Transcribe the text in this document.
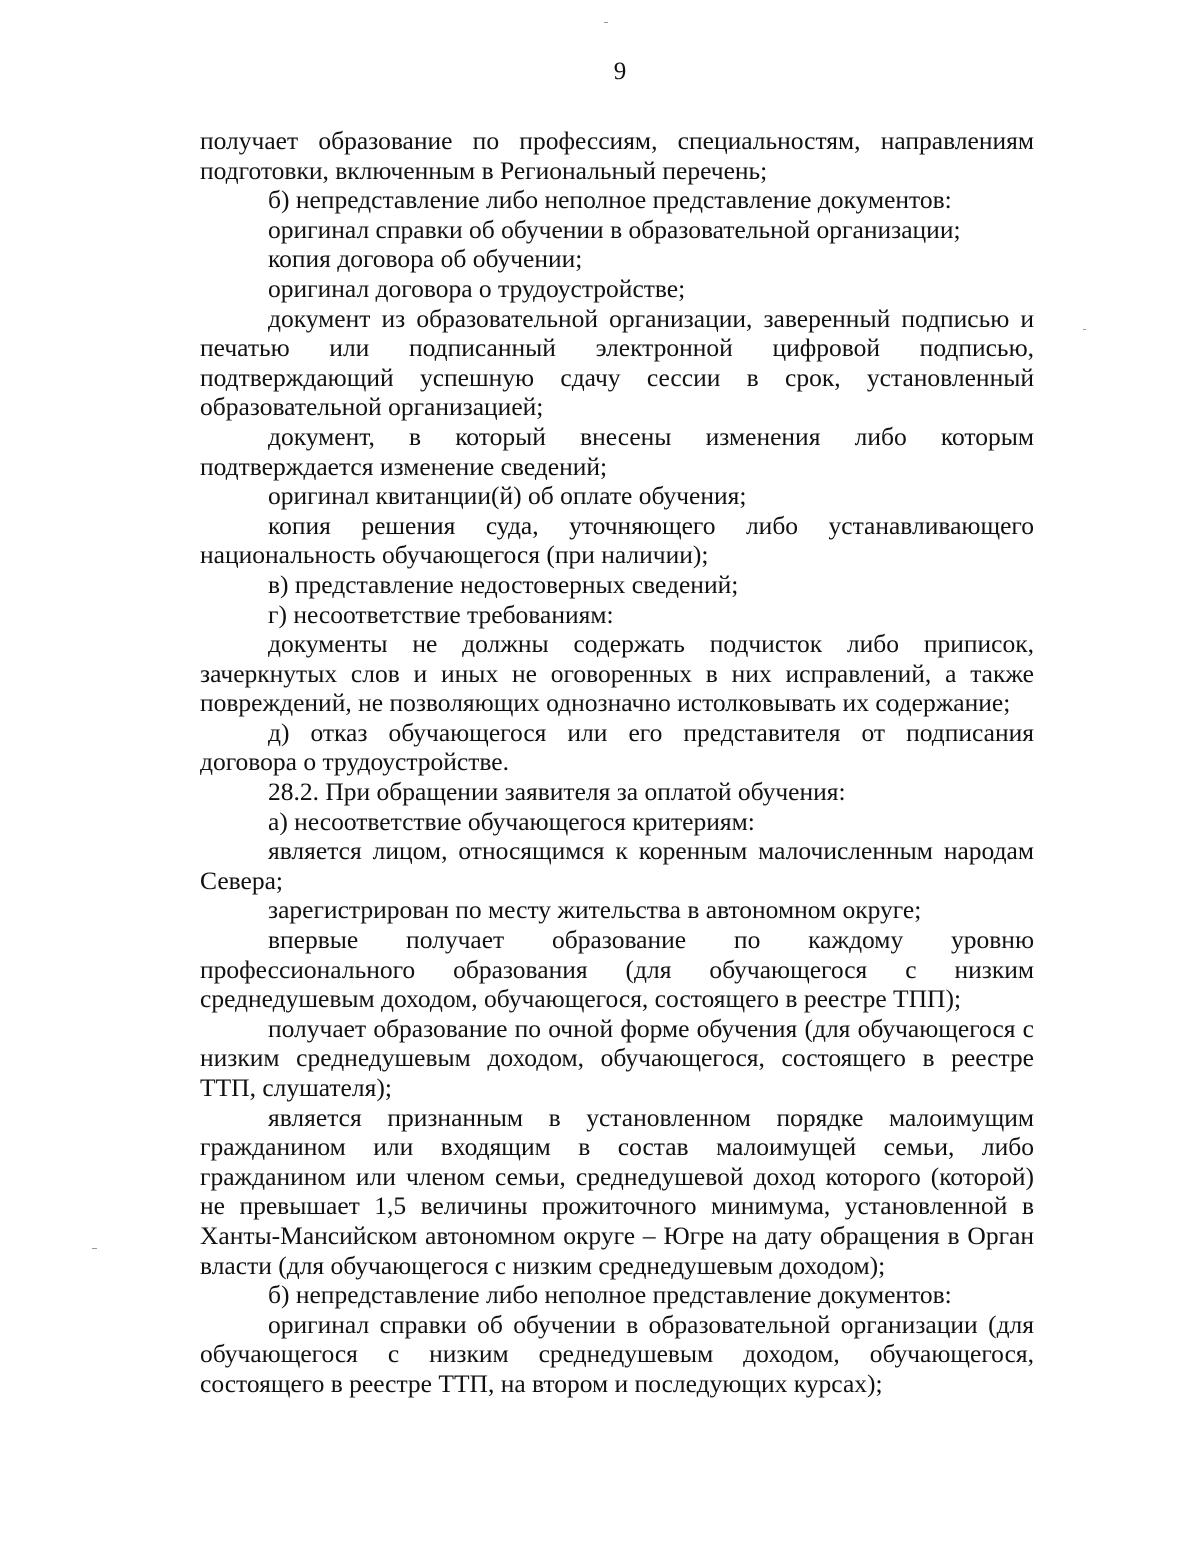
9

получает образование по профессиям, специальностям, направлениям подготовки, включенным в Региональный перечень;

б) непредставление либо неполное представление документов:

оригинал справки об обучении в образовательной организации;

копия договора об обучении;

оригинал договора о трудоустройстве;

документ из образовательной организации, заверенный подписью и печатью или подписанный электронной цифровой подписью, подтверждающий успешную сдачу сессии в срок, установленный образовательной организацией;

документ, в который внесены изменения либо которым подтверждается изменение сведений;

оригинал квитанции(й) об оплате обучения;

копия решения суда, уточняющего либо устанавливающего национальность обучающегося (при наличии);

в) представление недостоверных сведений;

г) несоответствие требованиям:

документы не должны содержать подчисток либо приписок, зачеркнутых слов и иных не оговоренных в них исправлений, а также повреждений, не позволяющих однозначно истолковывать их содержание;

д) отказ обучающегося или его представителя от подписания договора о трудоустройстве.

28.2. При обращении заявителя за оплатой обучения:

а) несоответствие обучающегося критериям:

является лицом, относящимся к коренным малочисленным народам Севера;

зарегистрирован по месту жительства в автономном округе;

впервые получает образование по каждому уровню профессионального образования (для обучающегося с низким среднедушевым доходом, обучающегося, состоящего в реестре ТПП);

получает образование по очной форме обучения (для обучающегося с низким среднедушевым доходом, обучающегося, состоящего в реестре ТТП, слушателя);

является признанным в установленном порядке малоимущим гражданином или входящим в состав малоимущей семьи, либо гражданином или членом семьи, среднедушевой доход которого (которой) не превышает 1,5 величины прожиточного минимума, установленной в Ханты-Мансийском автономном округе – Югре на дату обращения в Орган власти (для обучающегося с низким среднедушевым доходом);

б) непредставление либо неполное представление документов:

оригинал справки об обучении в образовательной организации (для обучающегося с низким среднедушевым доходом, обучающегося, состоящего в реестре ТТП, на втором и последующих курсах);
